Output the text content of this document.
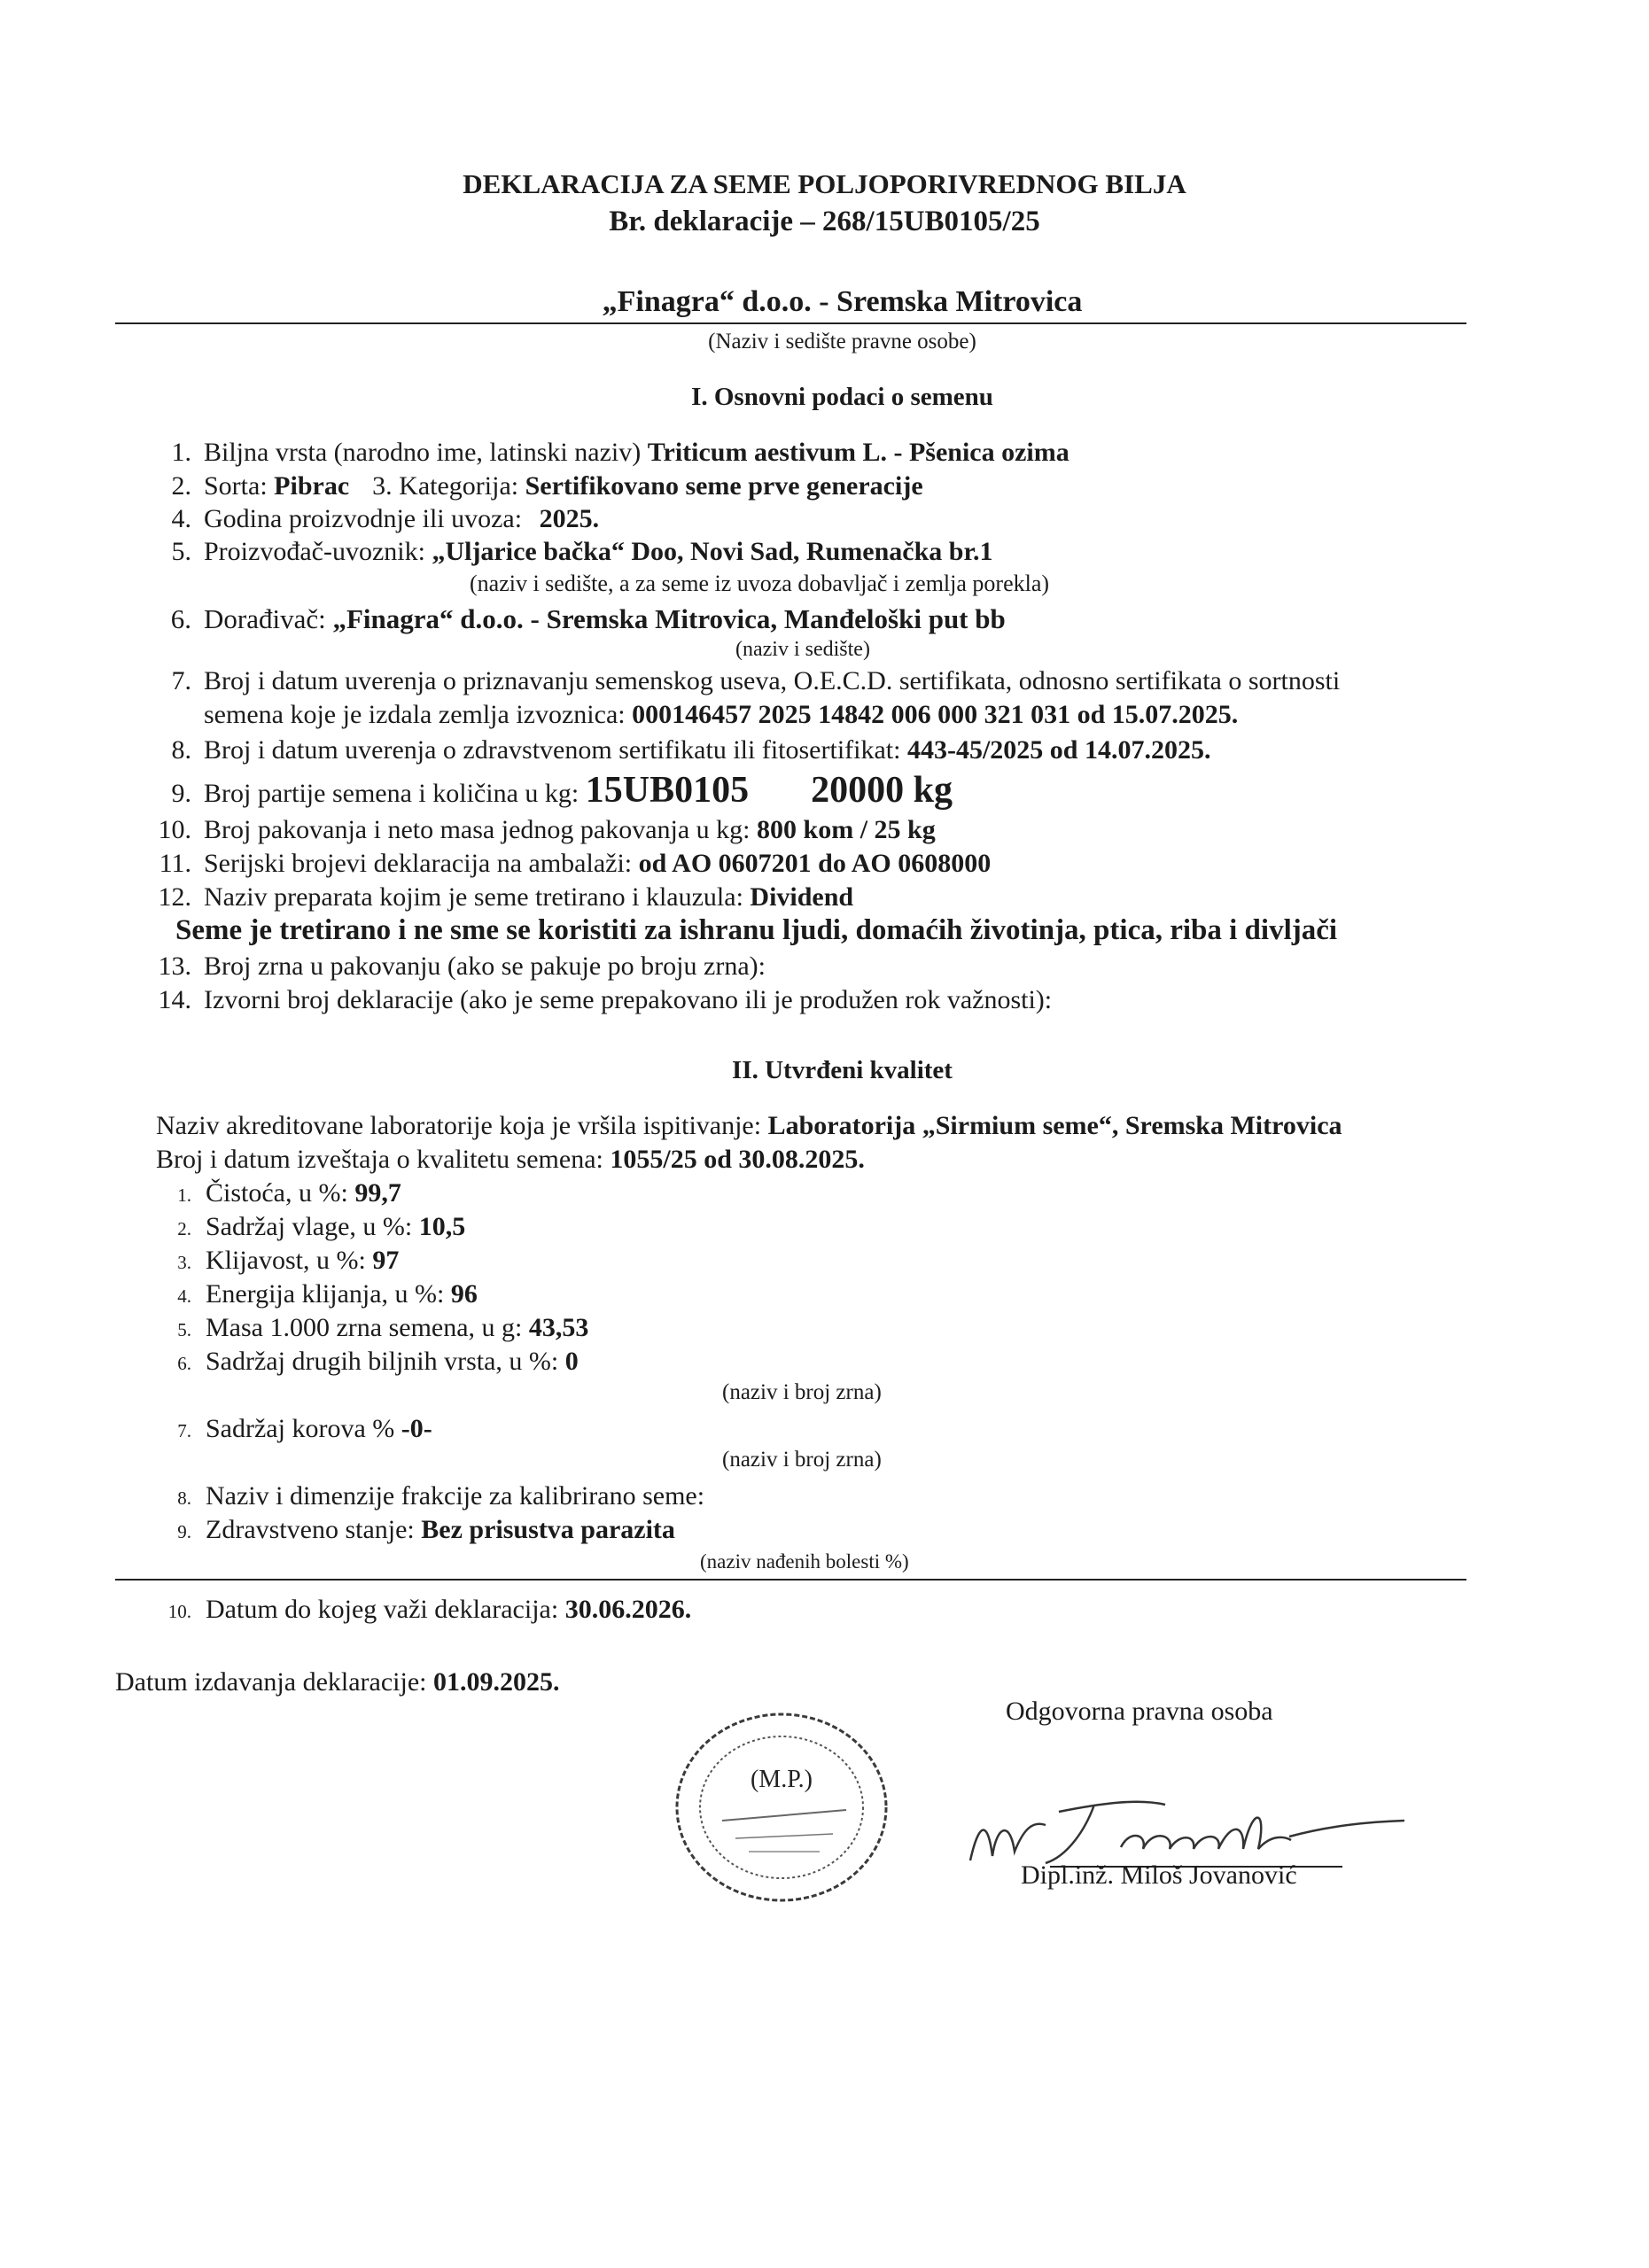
DEKLARACIJA ZA SEME POLJOPORIVREDNOG BILJA
Br. deklaracije – 268/15UB0105/25
„Finagra“ d.o.o. - Sremska Mitrovica
(Naziv i sedište pravne osobe)
I. Osnovni podaci o semenu
1. Biljna vrsta (narodno ime, latinski naziv) Triticum aestivum L. - Pšenica ozima
2. Sorta: Pibrac 3. Kategorija: Sertifikovano seme prve generacije
4. Godina proizvodnje ili uvoza: 2025.
5. Proizvođač-uvoznik: „Uljarice bačka“ Doo, Novi Sad, Rumenačka br.1
(naziv i sedište, a za seme iz uvoza dobavljač i zemlja porekla)
6. Dorađivač: „Finagra“ d.o.o. - Sremska Mitrovica, Manđeloški put bb
(naziv i sedište)
7. Broj i datum uverenja o priznavanju semenskog useva, O.E.C.D. sertifikata, odnosno sertifikata o sortnosti
semena koje je izdala zemlja izvoznica: 000146457 2025 14842 006 000 321 031 od 15.07.2025.
8. Broj i datum uverenja o zdravstvenom sertifikatu ili fitosertifikat: 443-45/2025 od 14.07.2025.
9. Broj partije semena i količina u kg: 15UB0105 20000 kg
10. Broj pakovanja i neto masa jednog pakovanja u kg: 800 kom / 25 kg
11. Serijski brojevi deklaracija na ambalaži: od AO 0607201 do AO 0608000
12. Naziv preparata kojim je seme tretirano i klauzula: Dividend
Seme je tretirano i ne sme se koristiti za ishranu ljudi, domaćih životinja, ptica, riba i divljači
13. Broj zrna u pakovanju (ako se pakuje po broju zrna):
14. Izvorni broj deklaracije (ako je seme prepakovano ili je produžen rok važnosti):
II. Utvrđeni kvalitet
Naziv akreditovane laboratorije koja je vršila ispitivanje: Laboratorija „Sirmium seme“, Sremska Mitrovica
Broj i datum izveštaja o kvalitetu semena: 1055/25 od 30.08.2025.
1. Čistoća, u %: 99,7
2. Sadržaj vlage, u %: 10,5
3. Klijavost, u %: 97
4. Energija klijanja, u %: 96
5. Masa 1.000 zrna semena, u g: 43,53
6. Sadržaj drugih biljnih vrsta, u %: 0
(naziv i broj zrna)
7. Sadržaj korova % -0-
(naziv i broj zrna)
8. Naziv i dimenzije frakcije za kalibrirano seme:
9. Zdravstveno stanje: Bez prisustva parazita
(naziv nađenih bolesti %)
10. Datum do kojeg važi deklaracija: 30.06.2026.
Datum izdavanja deklaracije: 01.09.2025.
Odgovorna pravna osoba
(M.P.)
Dipl.inž. Miloš Jovanović
